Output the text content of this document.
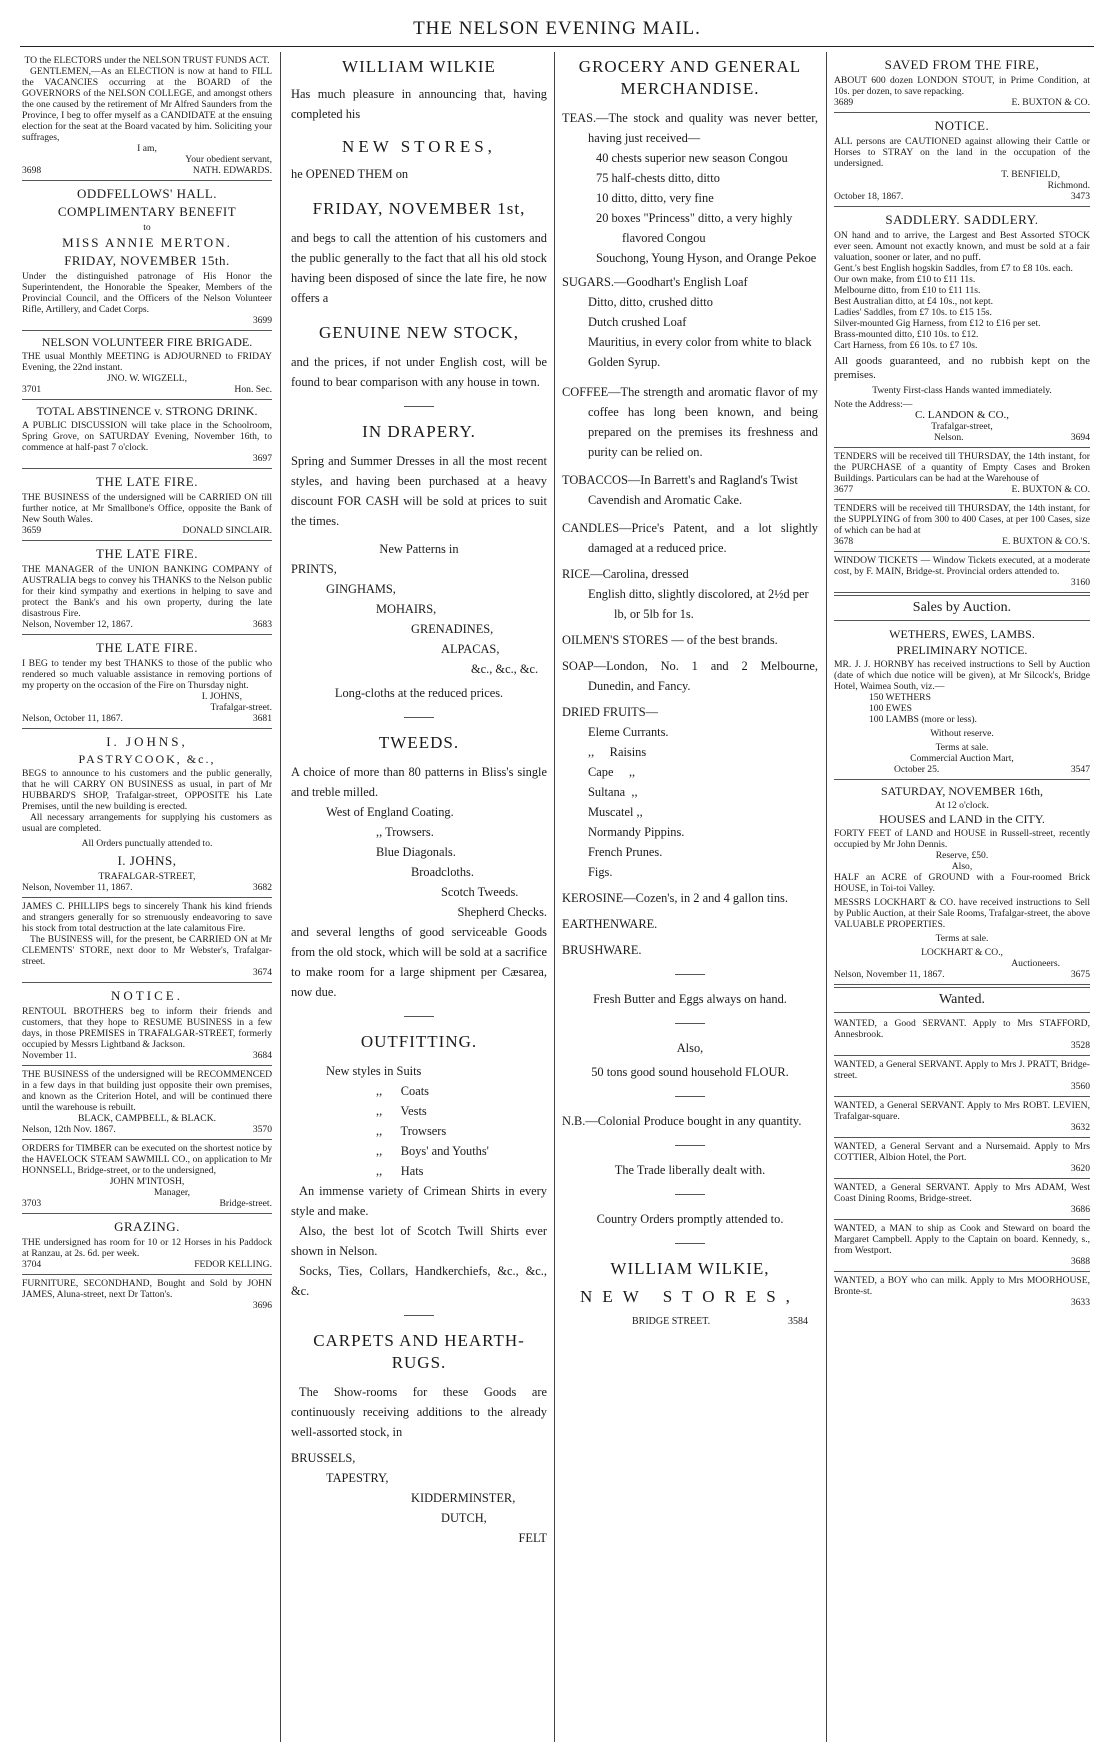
THE NELSON EVENING MAIL.
TO the ELECTORS under the NELSON TRUST FUNDS ACT.

GENTLEMEN,—As an ELECTION is now at hand to FILL the VACANCIES occurring at the BOARD of the GOVERNORS of the NELSON COLLEGE, and amongst others the one caused by the retirement of Mr Alfred Saunders from the Province, I beg to offer myself as a CANDIDATE at the ensuing election for the seat at the Board vacated by him. Soliciting your suffrages,

I am,
Your obedient servant,
3698	NATH. EDWARDS.
ODDFELLOWS' HALL.
COMPLIMENTARY BENEFIT
to
MISS ANNIE MERTON.
FRIDAY, NOVEMBER 15th.

Under the distinguished patronage of His Honor the Superintendent, the Honorable the Speaker, Members of the Provincial Council, and the Officers of the Nelson Volunteer Rifle, Artillery, and Cadet Corps.

3699
NELSON VOLUNTEER FIRE BRIGADE.

THE usual Monthly MEETING is ADJOURNED to FRIDAY Evening, the 22nd instant.

JNO. W. WIGZELL,
3701	Hon. Sec.
TOTAL ABSTINENCE v. STRONG DRINK.

A PUBLIC DISCUSSION will take place in the Schoolroom, Spring Grove, on SATURDAY Evening, November 16th, to commence at half-past 7 o'clock.

3697
THE LATE FIRE.

THE BUSINESS of the undersigned will be CARRIED ON till further notice, at Mr Smallbone's Office, opposite the Bank of New South Wales.

3659	DONALD SINCLAIR.
THE LATE FIRE.

THE MANAGER of the UNION BANKING COMPANY of AUSTRALIA begs to convey his THANKS to the Nelson public for their kind sympathy and exertions in helping to save and protect the Bank's and his own property, during the late disastrous Fire.

Nelson, November 12, 1867.	3683
THE LATE FIRE.

I BEG to tender my best THANKS to those of the public who rendered so much valuable assistance in removing portions of my property on the occasion of the Fire on Thursday night.

I. JOHNS,
Trafalgar-street.
Nelson, October 11, 1867.	3681
I. JOHNS,
PASTRYCOOK, &c.,

BEGS to announce to his customers and the public generally, that he will CARRY ON BUSINESS as usual, in part of Mr HUBBARD'S SHOP, Trafalgar-street, OPPOSITE his Late Premises, until the new building is erected.

All necessary arrangements for supplying his customers as usual are completed.

All Orders punctually attended to.
I. JOHNS,
TRAFALGAR-STREET,
Nelson, November 11, 1867.	3682

JAMES C. PHILLIPS begs to sincerely Thank his kind friends and strangers generally for so strenuously endeavoring to save his stock from total destruction at the late calamitous Fire.

The BUSINESS will, for the present, be CARRIED ON at Mr CLEMENTS' STORE, next door to Mr Webster's, Trafalgar-street.

3674
NOTICE.

RENTOUL BROTHERS beg to inform their friends and customers, that they hope to RESUME BUSINESS in a few days, in those PREMISES in TRAFALGAR-STREET, formerly occupied by Messrs Lightband & Jackson.

November 11.	3684

THE BUSINESS of the undersigned will be RECOMMENCED in a few days in that building just opposite their own premises, and known as the Criterion Hotel, and will be continued there until the warehouse is rebuilt.

BLACK, CAMPBELL, & BLACK.
Nelson, 12th Nov. 1867.	3570

ORDERS for TIMBER can be executed on the shortest notice by the HAVELOCK STEAM SAWMILL CO., on application to Mr HONNSELL, Bridge-street, or to the undersigned,

JOHN M'INTOSH,
Manager,
3703	Bridge-street.
GRAZING.

THE undersigned has room for 10 or 12 Horses in his Paddock at Ranzau, at 2s. 6d. per week.

3704	FEDOR KELLING.

FURNITURE, SECONDHAND, Bought and Sold by JOHN JAMES, Aluna-street, next Dr Tatton's.

3696
WILLIAM WILKIE

Has much pleasure in announcing that, having completed his

NEW STORES,

he OPENED THEM on

FRIDAY, NOVEMBER 1st,

and begs to call the attention of his customers and the public generally to the fact that all his old stock having been disposed of since the late fire, he now offers a

GENUINE NEW STOCK,

and the prices, if not under English cost, will be found to bear comparison with any house in town.

IN DRAPERY.

Spring and Summer Dresses in all the most recent styles, and having been purchased at a heavy discount FOR CASH will be sold at prices to suit the times.

New Patterns in
PRINTS,
GINGHAMS,
MOHAIRS,
GRENADINES,
ALPACAS,
&c., &c., &c.
Long-cloths at the reduced prices.
TWEEDS.

A choice of more than 80 patterns in Bliss's single and treble milled.

West of England Coating.
,, Trowsers.
Blue Diagonals.
Broadcloths.
Scotch Tweeds.
Shepherd Checks.

and several lengths of good serviceable Goods from the old stock, which will be sold at a sacrifice to make room for a large shipment per Cæsarea, now due.

OUTFITTING.
New styles in Suits
,,      Coats
,,      Vests
,,      Trowsers
,,      Boys' and Youths'
,,      Hats

An immense variety of Crimean Shirts in every style and make.

Also, the best lot of Scotch Twill Shirts ever shown in Nelson.

Socks, Ties, Collars, Handkerchiefs, &c., &c., &c.

CARPETS AND HEARTH-RUGS.

The Show-rooms for these Goods are continuously receiving additions to the already well-assorted stock, in

BRUSSELS,
TAPESTRY,
KIDDERMINSTER,
DUTCH,
FELT
GROCERY AND GENERAL MERCHANDISE.

TEAS.—The stock and quality was never better, having just received—

40 chests superior new season Congou
75 half-chests ditto, ditto
10 ditto, ditto, very fine
20 boxes "Princess" ditto, a very highly flavored Congou
Souchong, Young Hyson, and Orange Pekoe

SUGARS.—Goodhart's English Loaf

Ditto, ditto, crushed ditto
Dutch crushed Loaf
Mauritius, in every color from white to black
Golden Syrup.

COFFEE—The strength and aromatic flavor of my coffee has long been known, and being prepared on the premises its freshness and purity can be relied on.

TOBACCOS—In Barrett's and Ragland's Twist

Cavendish and Aromatic Cake.

CANDLES—Price's Patent, and a lot slightly damaged at a reduced price.

RICE—Carolina, dressed

English ditto, slightly discolored, at 2½d per lb, or 5lb for 1s.

OILMEN'S STORES — of the best brands.

SOAP—London, No. 1 and 2 Melbourne, Dunedin, and Fancy.

DRIED FRUITS—

Eleme Currants.
,,     Raisins
Cape     ,,
Sultana  ,,
Muscatel ,,
Normandy Pippins.
French Prunes.
Figs.

KEROSINE—Cozen's, in 2 and 4 gallon tins.

EARTHENWARE.

BRUSHWARE.

Fresh Butter and Eggs always on hand.
Also,
50 tons good sound household FLOUR.

N.B.—Colonial Produce bought in any quantity.

The Trade liberally dealt with.
Country Orders promptly attended to.
WILLIAM WILKIE,
NEW STORES,
BRIDGE STREET.	3584
SAVED FROM THE FIRE,

ABOUT 600 dozen LONDON STOUT, in Prime Condition, at 10s. per dozen, to save repacking.

3689	E. BUXTON & CO.
NOTICE.

ALL persons are CAUTIONED against allowing their Cattle or Horses to STRAY on the land in the occupation of the undersigned.

T. BENFIELD,
Richmond.
October 18, 1867.	3473
SADDLERY. SADDLERY.

ON hand and to arrive, the Largest and Best Assorted STOCK ever seen. Amount not exactly known, and must be sold at a fair valuation, sooner or later, and no puff.

Gent.'s best English hogskin Saddles, from £7 to £8 10s. each.
Our own make, from £10 to £11 11s.
Melbourne ditto, from £10 to £11 11s.
Best Australian ditto, at £4 10s., not kept.
Ladies' Saddles, from £7 10s. to £15 15s.
Silver-mounted Gig Harness, from £12 to £16 per set.
Brass-mounted ditto, £10 10s. to £12.
Cart Harness, from £6 10s. to £7 10s.

All goods guaranteed, and no rubbish kept on the premises.

Twenty First-class Hands wanted immediately.
Note the Address:—
C. LANDON & CO.,
Trafalgar-street,
Nelson.	3694

TENDERS will be received till THURSDAY, the 14th instant, for the PURCHASE of a quantity of Empty Cases and Broken Buildings. Particulars can be had at the Warehouse of

3677	E. BUXTON & CO.

TENDERS will be received till THURSDAY, the 14th instant, for the SUPPLYING of from 300 to 400 Cases, at per 100 Cases, size of which can be had at

3678	E. BUXTON & CO.'S.

WINDOW TICKETS — Window Tickets executed, at a moderate cost, by F. MAIN, Bridge-st. Provincial orders attended to.

3160
Sales by Auction.
WETHERS, EWES, LAMBS.
PRELIMINARY NOTICE.

MR. J. J. HORNBY has received instructions to Sell by Auction (date of which due notice will be given), at Mr Silcock's, Bridge Hotel, Waimea South, viz.—

150 WETHERS
100 EWES
100 LAMBS (more or less).
Without reserve.
Terms at sale.
Commercial Auction Mart,
October 25.	3547
SATURDAY, NOVEMBER 16th,
At 12 o'clock.
HOUSES and LAND in the CITY.

FORTY FEET of LAND and HOUSE in Russell-street, recently occupied by Mr John Dennis.

Reserve, £50.
Also,

HALF an ACRE of GROUND with a Four-roomed Brick HOUSE, in Toi-toi Valley.

MESSRS LOCKHART & CO. have received instructions to Sell by Public Auction, at their Sale Rooms, Trafalgar-street, the above VALUABLE PROPERTIES.

Terms at sale.
LOCKHART & CO.,
Auctioneers.
Nelson, November 11, 1867.	3675
Wanted.

WANTED, a Good SERVANT. Apply to Mrs STAFFORD, Annesbrook.

3528

WANTED, a General SERVANT. Apply to Mrs J. PRATT, Bridge-street.

3560

WANTED, a General SERVANT. Apply to Mrs ROBT. LEVIEN, Trafalgar-square.

3632

WANTED, a General Servant and a Nursemaid. Apply to Mrs COTTIER, Albion Hotel, the Port.

3620

WANTED, a General SERVANT. Apply to Mrs ADAM, West Coast Dining Rooms, Bridge-street.

3686

WANTED, a MAN to ship as Cook and Steward on board the Margaret Campbell. Apply to the Captain on board. Kennedy, s., from Westport.

3688

WANTED, a BOY who can milk. Apply to Mrs MOORHOUSE, Bronte-st.

3633
